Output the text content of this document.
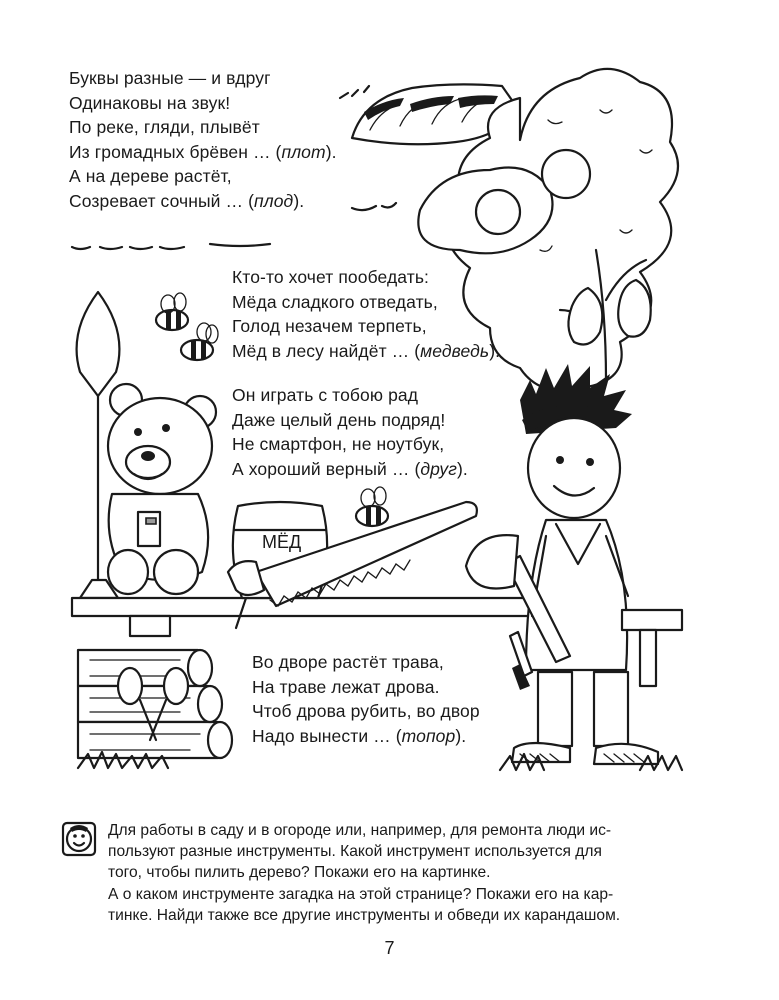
МЁД
Буквы разные — и вдруг
Одинаковы на звук!
По реке, гляди, плывёт
Из громадных брёвен … (плот).
А на дереве растёт,
Созревает сочный … (плод).
Кто-то хочет пообедать:
Мёда сладкого отведать,
Голод незачем терпеть,
Мёд в лесу найдёт … (медведь).
Он играть с тобою рад
Даже целый день подряд!
Не смартфон, не ноутбук,
А хороший верный … (друг).
Во дворе растёт трава,
На траве лежат дрова.
Чтоб дрова рубить, во двор
Надо вынести … (топор).

Для работы в саду и в огороде или, например, для ремонта люди ис-

пользуют разные инструменты. Какой инструмент используется для

того, чтобы пилить дерево? Покажи его на картинке.

А о каком инструменте загадка на этой странице? Покажи его на кар-

тинке. Найди также все другие инструменты и обведи их карандашом.

7
